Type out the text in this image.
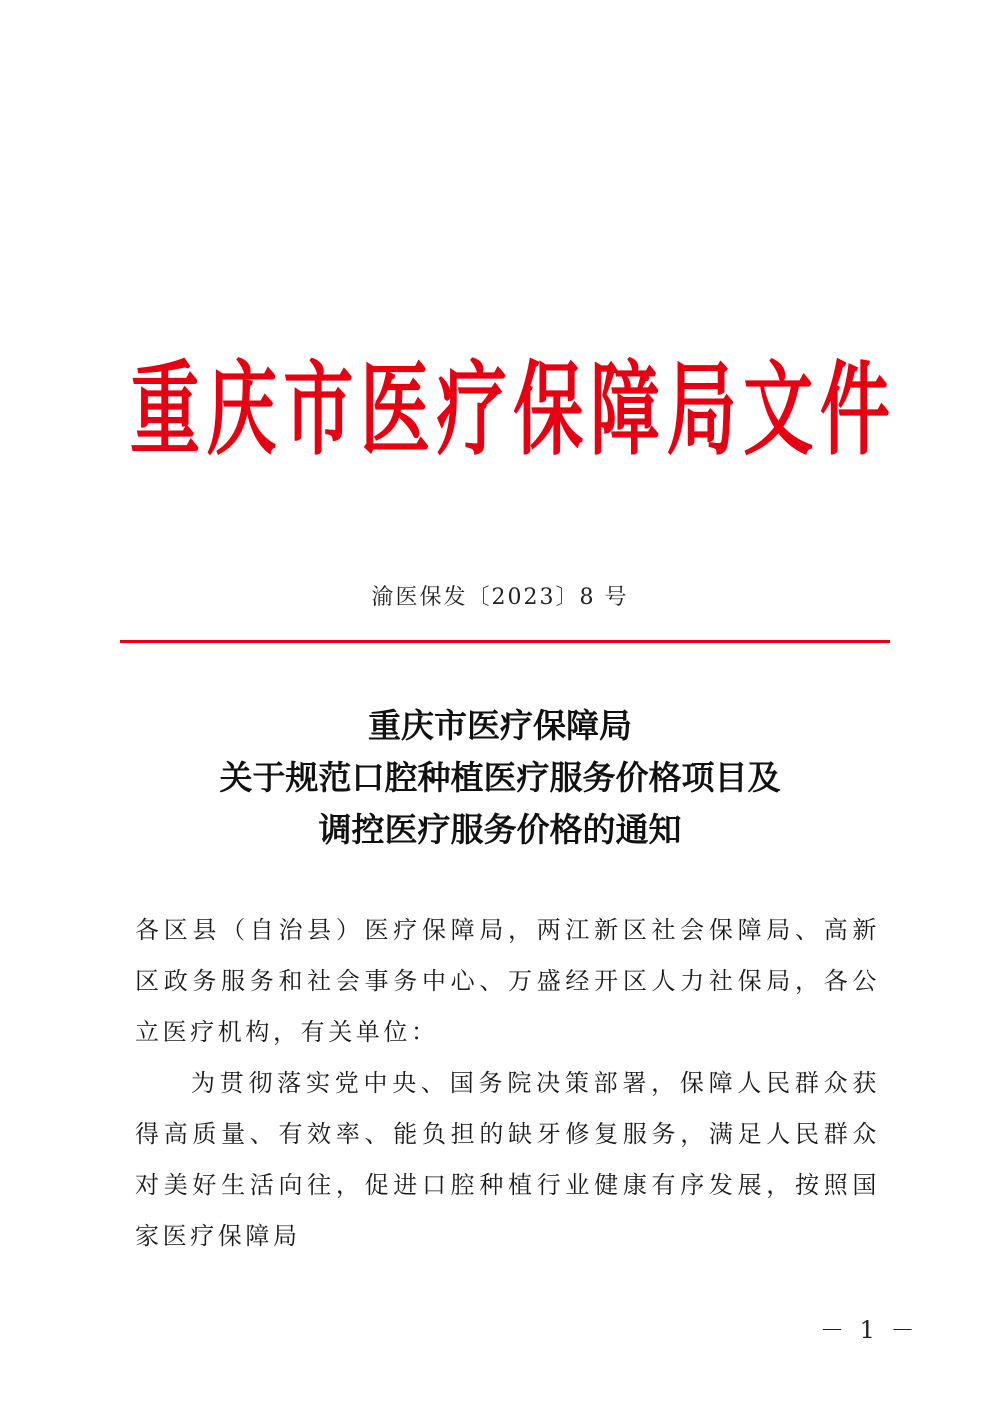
重 庆 市 医 疗 保 障 局 文 件
渝医保发〔2023〕8 号
重庆市医疗保障局
关于规范口腔种植医疗服务价格项目及
调控医疗服务价格的通知

各区县（自治县）医疗保障局，两江新区社会保障局、高新区政务服务和社会事务中心、万盛经开区人力社保局，各公立医疗机构，有关单位：

为贯彻落实党中央、国务院决策部署，保障人民群众获得高质量、有效率、能负担的缺牙修复服务，满足人民群众对美好生活向往，促进口腔种植行业健康有序发展，按照国家医疗保障局

－ 1 －
